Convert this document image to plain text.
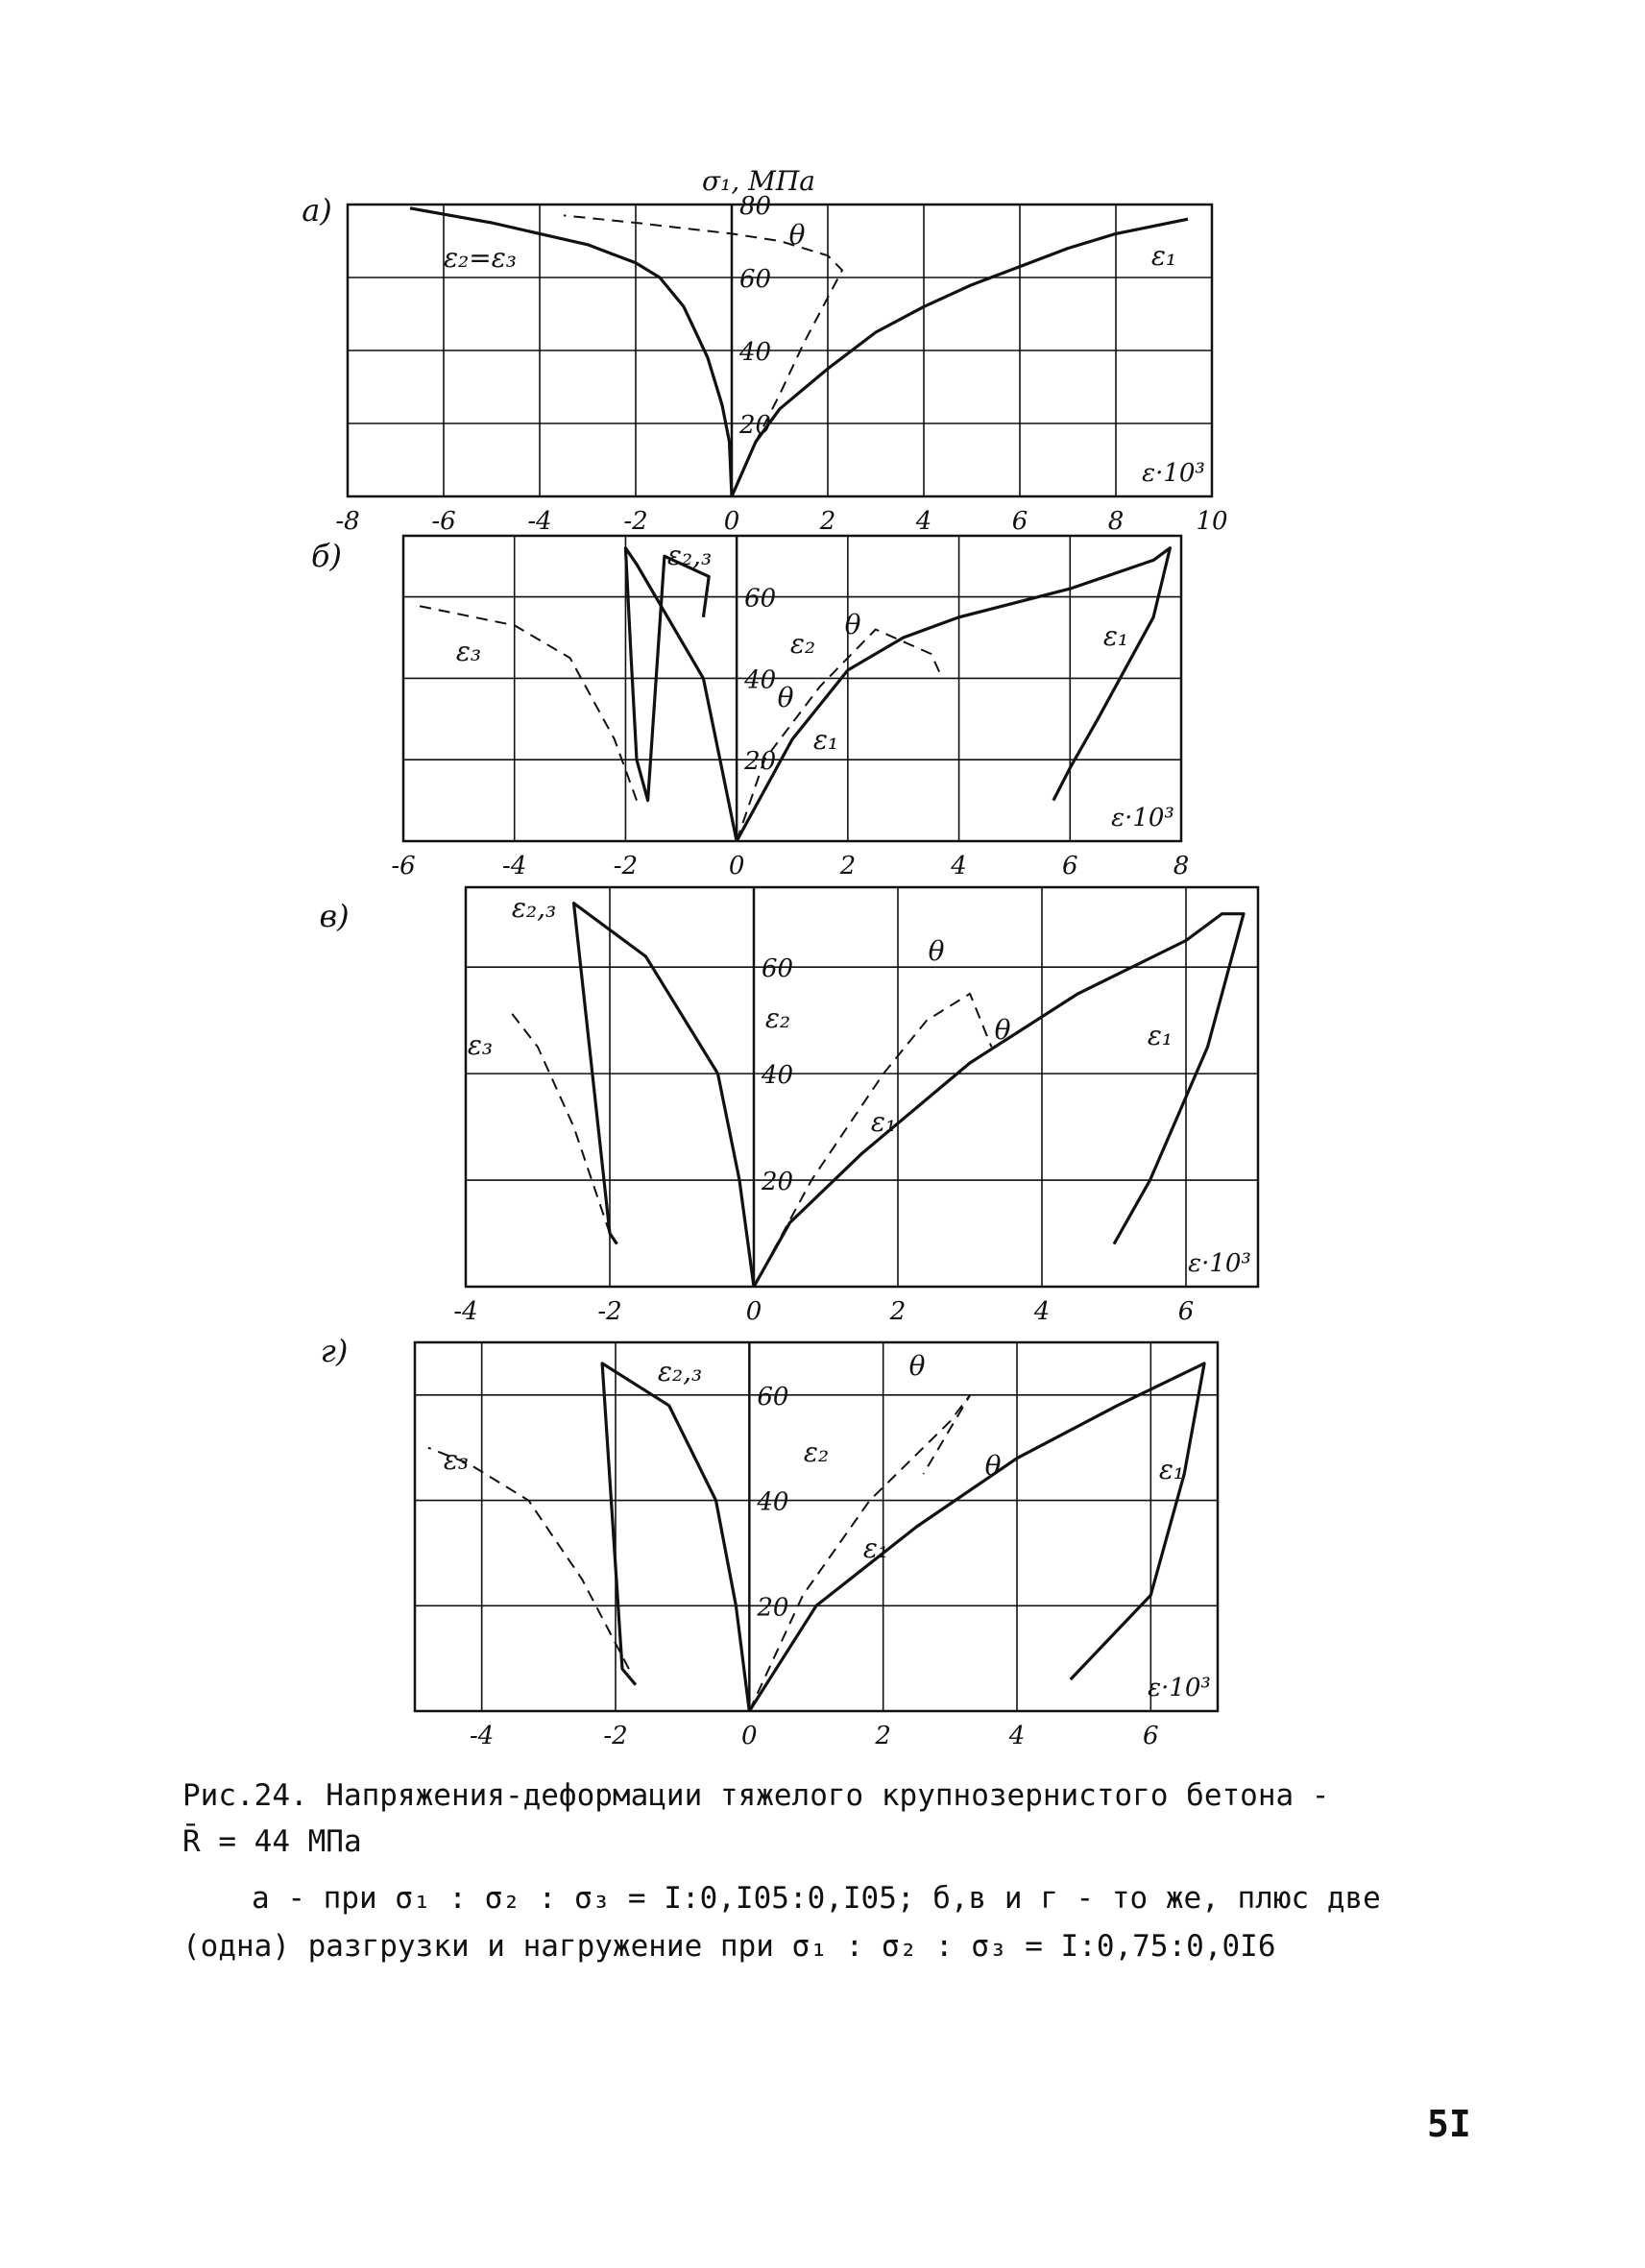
-8	-6	-4	-2	0	2	4	6	8	10
20
40
60
80
а)
ε·10³
σ₁, МПа
ε₂=ε₃	ε₁
θ
-6	-4	-2	0	2	4	6	8
20
40
60
б)
ε·10³
ε₂,₃
ε₃	ε₂
θ
θ
ε₁
ε₁
-4	-2	0	2	4	6
20
40
60
в)
ε·10³
ε₂,₃
ε₃
ε₂
θ
θ
ε₁
ε₁
-4	-2	0	2	4	6
20
40
60
г)
ε·10³
ε₂,₃
ε₃	ε₂
θ
θ
ε₁
ε₁

Рис.24. Напряжения-деформации тяжелого крупнозернистого бетона -

R̄ = 44 МПа

а - при σ₁ : σ₂ : σ₃ = I:0,I05:0,I05; б,в и г - то же, плюс две

(одна) разгрузки и нагружение при σ₁ : σ₂ : σ₃ = I:0,75:0,0I6

5I
